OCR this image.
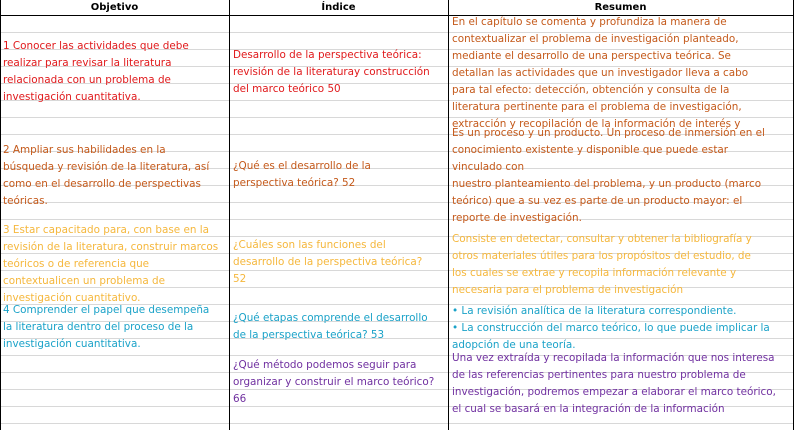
Objetivo	Índice	Resumen
1 Conocer las actividades que debe
realizar para revisar la literatura
relacionada con un problema de
investigación cuantitativa.
2 Ampliar sus habilidades en la
búsqueda y revisión de la literatura, así
como en el desarrollo de perspectivas
teóricas.
3 Estar capacitado para, con base en la
revisión de la literatura, construir marcos
teóricos o de referencia que
contextualicen un problema de
investigación cuantitativo.
4 Comprender el papel que desempeña
la literatura dentro del proceso de la
investigación cuantitativa.
Desarrollo de la perspectiva teórica:
revisión de la literaturay construcción
del marco teórico 50
¿Qué es el desarrollo de la
perspectiva teórica? 52
¿Cuáles son las funciones del
desarrollo de la perspectiva teórica?
52
¿Qué etapas comprende el desarrollo
de la perspectiva teórica? 53
¿Qué método podemos seguir para
organizar y construir el marco teórico?
66
En el capítulo se comenta y profundiza la manera de
contextualizar el problema de investigación planteado,
mediante el desarrollo de una perspectiva teórica. Se
detallan las actividades que un investigador lleva a cabo
para tal efecto: detección, obtención y consulta de la
literatura pertinente para el problema de investigación,
extracción y recopilación de la información de interés y
Es un proceso y un producto. Un proceso de inmersión en el
conocimiento existente y disponible que puede estar
vinculado con
nuestro planteamiento del problema, y un producto (marco
teórico) que a su vez es parte de un producto mayor: el
reporte de investigación.
Consiste en detectar, consultar y obtener la bibliografía y
otros materiales útiles para los propósitos del estudio, de
los cuales se extrae y recopila información relevante y
necesaria para el problema de investigación
• La revisión analítica de la literatura correspondiente.
• La construcción del marco teórico, lo que puede implicar la
adopción de una teoría.
Una vez extraída y recopilada la información que nos interesa
de las referencias pertinentes para nuestro problema de
investigación, podremos empezar a elaborar el marco teórico,
el cual se basará en la integración de la información
